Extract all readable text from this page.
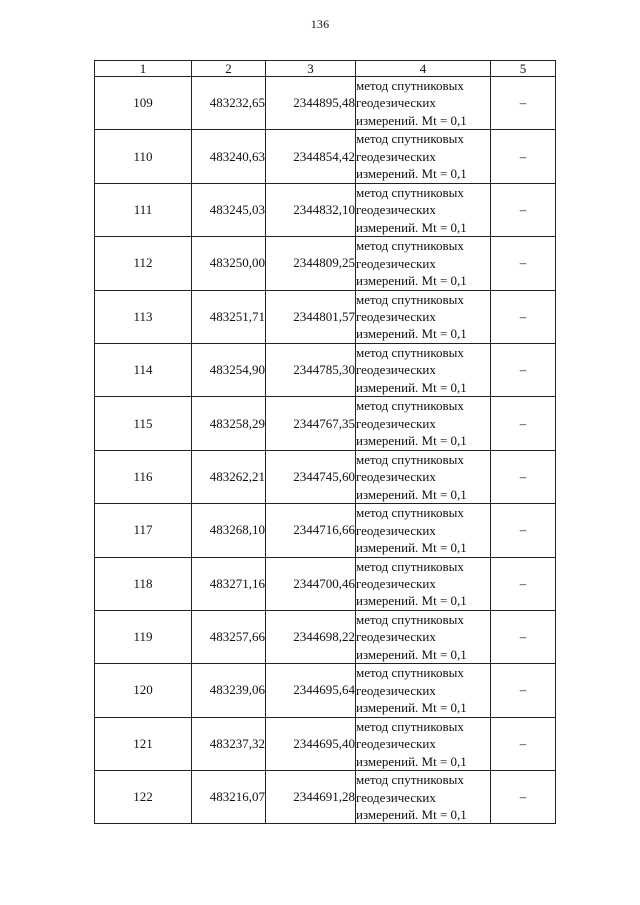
136
1	2	3	4	5
109	483232,65	2344895,48	метод спутниковых
геодезических
измерений. Mt = 0,1	–
110	483240,63	2344854,42	метод спутниковых
геодезических
измерений. Mt = 0,1	–
111	483245,03	2344832,10	метод спутниковых
геодезических
измерений. Mt = 0,1	–
112	483250,00	2344809,25	метод спутниковых
геодезических
измерений. Mt = 0,1	–
113	483251,71	2344801,57	метод спутниковых
геодезических
измерений. Mt = 0,1	–
114	483254,90	2344785,30	метод спутниковых
геодезических
измерений. Mt = 0,1	–
115	483258,29	2344767,35	метод спутниковых
геодезических
измерений. Mt = 0,1	–
116	483262,21	2344745,60	метод спутниковых
геодезических
измерений. Mt = 0,1	–
117	483268,10	2344716,66	метод спутниковых
геодезических
измерений. Mt = 0,1	–
118	483271,16	2344700,46	метод спутниковых
геодезических
измерений. Mt = 0,1	–
119	483257,66	2344698,22	метод спутниковых
геодезических
измерений. Mt = 0,1	–
120	483239,06	2344695,64	метод спутниковых
геодезических
измерений. Mt = 0,1	–
121	483237,32	2344695,40	метод спутниковых
геодезических
измерений. Mt = 0,1	–
122	483216,07	2344691,28	метод спутниковых
геодезических
измерений. Mt = 0,1	–
